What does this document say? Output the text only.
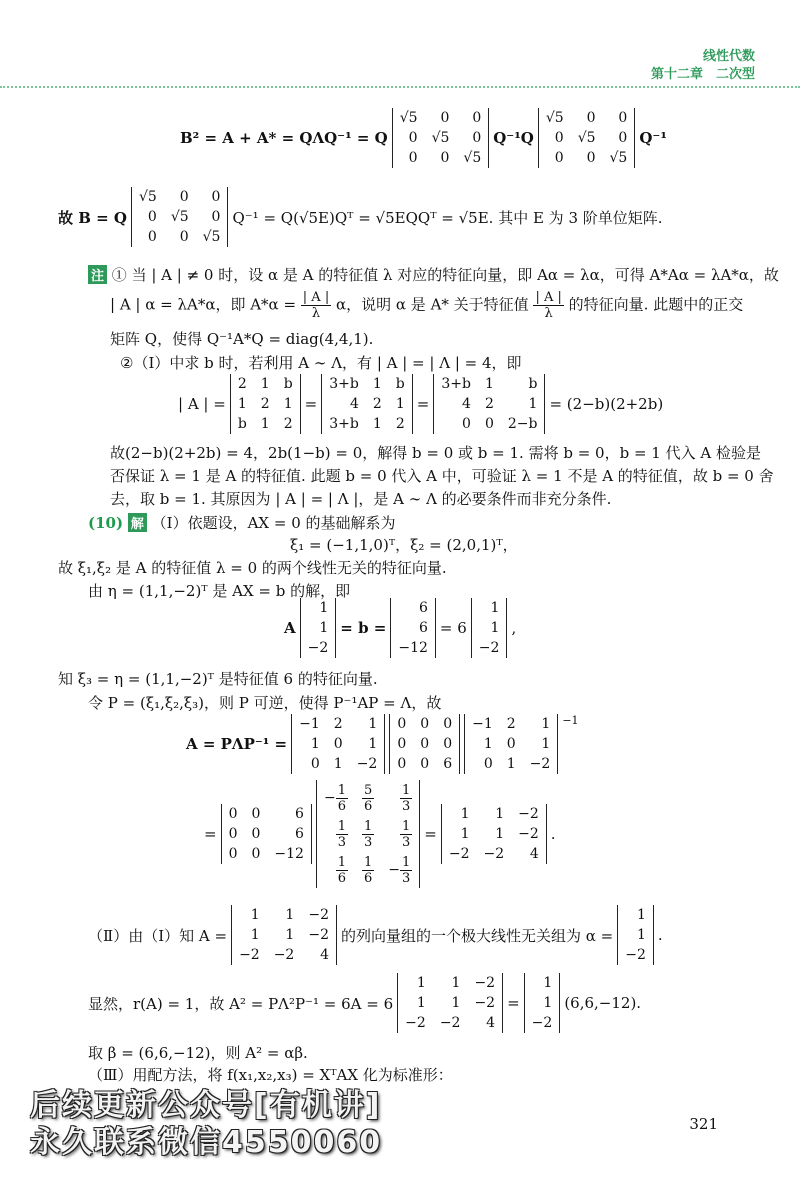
线性代数
第十二章　二次型
B² = A + A* = QΛQ⁻¹ = Q
√5	0	0
0	√5	0
0	0	√5
Q⁻¹Q
√5	0	0
0	√5	0
0	0	√5
Q⁻¹
故 B = Q
√5	0	0
0	√5	0
0	0	√5
Q⁻¹ = Q(√5E)Qᵀ = √5EQQᵀ = √5E. 其中 E 为 3 阶单位矩阵.
注 ① 当 | A | ≠ 0 时，设 α 是 A 的特征值 λ 对应的特征向量，即 Aα = λα，可得 A*Aα = λA*α，故
| A | α = λA*α，即 $A*\alpha = \frac{| A |}{\lambda}$ α，说明 α 是 A* 关于特征值 $\frac{| A |}{\lambda}$ 的特征向量. 此题中的正交
矩阵 Q，使得 Q⁻¹A*Q = diag(4,4,1).
②（Ⅰ）中求 b 时，若利用 A ∼ Λ，有 | A | = | Λ | = 4，即
| A | =
2	1	b
1	2	1
b	1	2
=
3+b	1	b
4	2	1
3+b	1	2
=
3+b	1	b
4	2	1
0	0	2−b
= (2−b)(2+2b)
故(2−b)(2+2b) = 4，2b(1−b) = 0，解得 b = 0 或 b = 1. 需将 b = 0，b = 1 代入 A 检验是
否保证 λ = 1 是 A 的特征值. 此题 b = 0 代入 A 中，可验证 λ = 1 不是 A 的特征值，故 b = 0 舍
去，取 b = 1. 其原因为 | A | = | Λ |，是 A ∼ Λ 的必要条件而非充分条件.
(10) 解 （Ⅰ）依题设，AX = 0 的基础解系为
ξ₁ = (−1,1,0)ᵀ，ξ₂ = (2,0,1)ᵀ，
故 ξ₁,ξ₂ 是 A 的特征值 λ = 0 的两个线性无关的特征向量.
由 η = (1,1,−2)ᵀ 是 AX = b 的解，即
A
1
1
−2
= b =
6
6
−12
= 6
1
1
−2
,
知 ξ₃ = η = (1,1,−2)ᵀ 是特征值 6 的特征向量.
令 P = (ξ₁,ξ₂,ξ₃)，则 P 可逆，使得 P⁻¹AP = Λ，故
A = PΛP⁻¹ =
−1	2	1
1	0	1
0	1	−2
0	0	0
0	0	0
0	0	6
−1	2	1
1	0	1
0	1	−2
$^{-1}$
=
0	0	6
0	0	6
0	0	−12
− $\frac{1}{6}$	$\frac{5}{6}$	$\frac{1}{3}$

$\frac{1}{3}$	$\frac{1}{3}$	$\frac{1}{3}$

$\frac{1}{6}$	$\frac{1}{6}$	− $\frac{1}{3}$
=
1	1	−2
1	1	−2
−2	−2	4
.
（Ⅱ）由（Ⅰ）知 A =
1	1	−2
1	1	−2
−2	−2	4
的列向量组的一个极大线性无关组为 α =
1
1
−2
.
显然，r(A) = 1，故 A² = PΛ²P⁻¹ = 6A = 6
1	1	−2
1	1	−2
−2	−2	4
=
1
1
−2
(6,6,−12).
取 β = (6,6,−12)，则 A² = αβ.
（Ⅲ）用配方法，将 f(x₁,x₂,x₃) = XᵀAX 化为标准形：
321
后续更新公众号[有机讲]
永久联系微信4550060
